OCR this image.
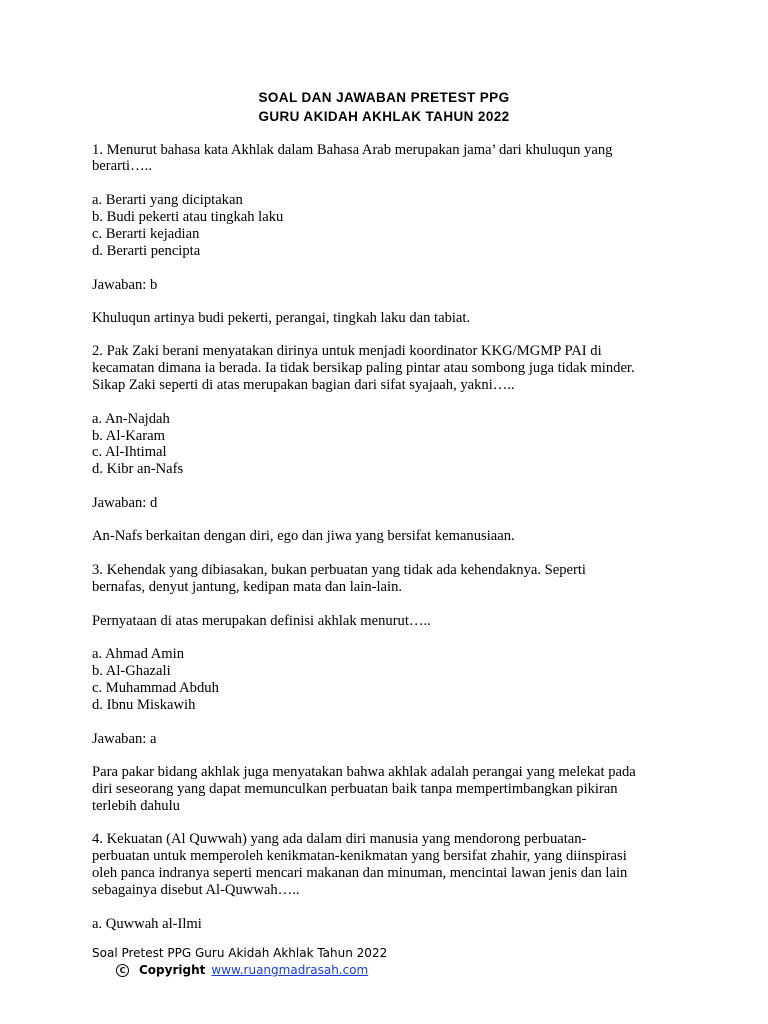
SOAL DAN JAWABAN PRETEST PPG
GURU AKIDAH AKHLAK TAHUN 2022
1. Menurut bahasa kata Akhlak dalam Bahasa Arab merupakan jama’ dari khuluqun yang
berarti…..
a. Berarti yang diciptakan
b. Budi pekerti atau tingkah laku
c. Berarti kejadian
d. Berarti pencipta
Jawaban: b
Khuluqun artinya budi pekerti, perangai, tingkah laku dan tabiat.
2. Pak Zaki berani menyatakan dirinya untuk menjadi koordinator KKG/MGMP PAI di
kecamatan dimana ia berada. Ia tidak bersikap paling pintar atau sombong juga tidak minder.
Sikap Zaki seperti di atas merupakan bagian dari sifat syajaah, yakni…..
a. An-Najdah
b. Al-Karam
c. Al-Ihtimal
d. Kibr an-Nafs
Jawaban: d
An-Nafs berkaitan dengan diri, ego dan jiwa yang bersifat kemanusiaan.
3. Kehendak yang dibiasakan, bukan perbuatan yang tidak ada kehendaknya. Seperti
bernafas, denyut jantung, kedipan mata dan lain-lain.
Pernyataan di atas merupakan definisi akhlak menurut…..
a. Ahmad Amin
b. Al-Ghazali
c. Muhammad Abduh
d. Ibnu Miskawih
Jawaban: a
Para pakar bidang akhlak juga menyatakan bahwa akhlak adalah perangai yang melekat pada
diri seseorang yang dapat memunculkan perbuatan baik tanpa mempertimbangkan pikiran
terlebih dahulu
4. Kekuatan (Al Quwwah) yang ada dalam diri manusia yang mendorong perbuatan-
perbuatan untuk memperoleh kenikmatan-kenikmatan yang bersifat zhahir, yang diinspirasi
oleh panca indranya seperti mencari makanan dan minuman, mencintai lawan jenis dan lain
sebagainya disebut Al-Quwwah…..
a. Quwwah al-Ilmi
Soal Pretest PPG Guru Akidah Akhlak Tahun 2022
C Copyright www.ruangmadrasah.com
